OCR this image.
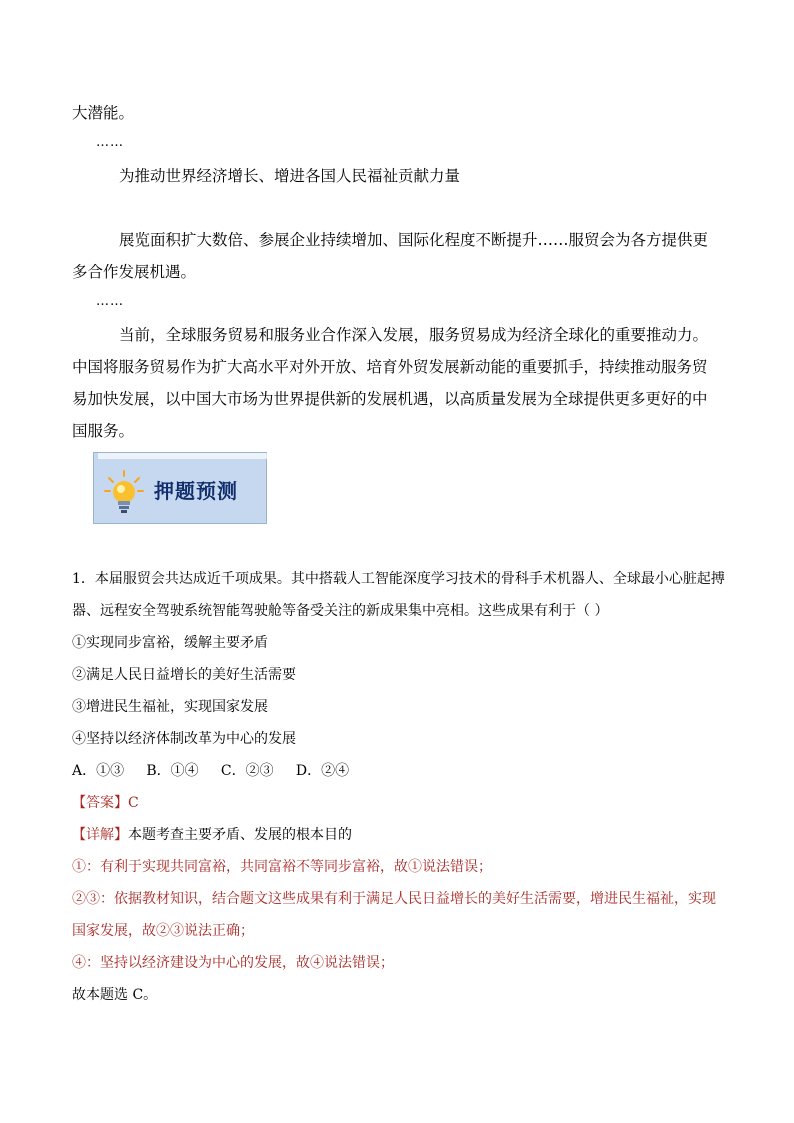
大潜能。
……
为推动世界经济增长、增进各国人民福祉贡献力量
展览面积扩大数倍、参展企业持续增加、国际化程度不断提升……服贸会为各方提供更
多合作发展机遇。
……
当前，全球服务贸易和服务业合作深入发展，服务贸易成为经济全球化的重要推动力。
中国将服务贸易作为扩大高水平对外开放、培育外贸发展新动能的重要抓手，持续推动服务贸
易加快发展，以中国大市场为世界提供新的发展机遇，以高质量发展为全球提供更多更好的中
国服务。
押题预测
1．本届服贸会共达成近千项成果。其中搭载人工智能深度学习技术的骨科手术机器人、全球最小心脏起搏
器、远程安全驾驶系统智能驾驶舱等备受关注的新成果集中亮相。这些成果有利于（ ）
①实现同步富裕，缓解主要矛盾
②满足人民日益增长的美好生活需要
③增进民生福祉，实现国家发展
④坚持以经济体制改革为中心的发展
A．①③     B．①④     C．②③     D．②④
【答案】C
【详解】本题考查主要矛盾、发展的根本目的
①：有利于实现共同富裕，共同富裕不等同步富裕，故①说法错误；
②③：依据教材知识，结合题文这些成果有利于满足人民日益增长的美好生活需要，增进民生福祉，实现
国家发展，故②③说法正确；
④：坚持以经济建设为中心的发展，故④说法错误；
故本题选 C。
